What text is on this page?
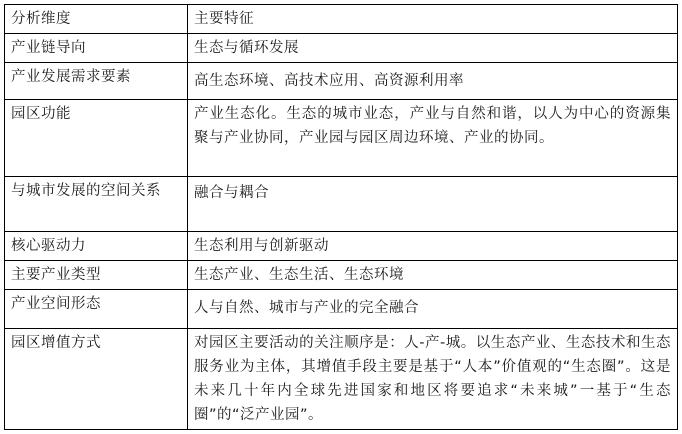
分析维度	主要特征
产业链导向	生态与循环发展
产业发展需求要素	高生态环境、高技术应用、高资源利用率
园区功能	产业生态化。生态的城市业态，产业与自然和谐，以人为中心的资源集聚与产业协同，产业园与园区周边环境、产业的协同。
与城市发展的空间关系	融合与耦合
核心驱动力	生态利用与创新驱动
主要产业类型	生态产业、生态生活、生态环境
产业空间形态	人与自然、城市与产业的完全融合
园区增值方式	对园区主要活动的关注顺序是：人-产-城。以生态产业、生态技术和生态服务业为主体，其增值手段主要是基于“人本”价值观的“生态圈”。这是未来几十年内全球先进国家和地区将要追求“未来城”一基于“生态圈”的“泛产业园”。
